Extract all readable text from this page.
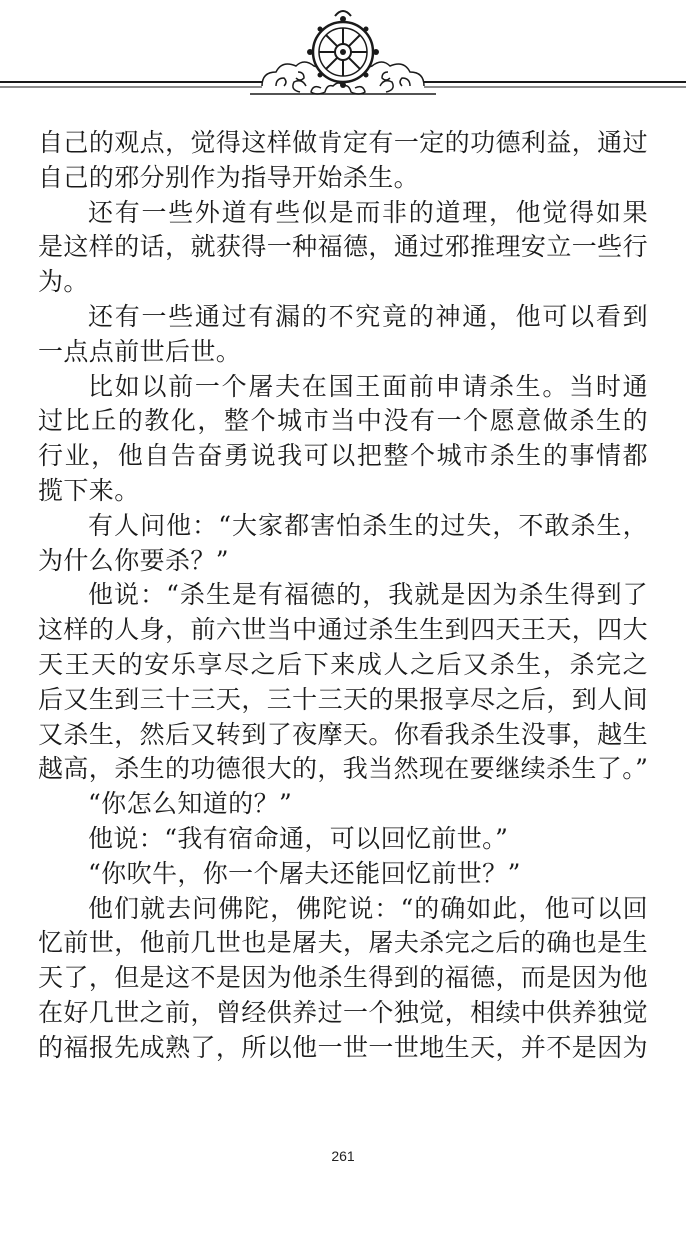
自己的观点，觉得这样做肯定有一定的功德利益，通过
自己的邪分别作为指导开始杀生。
还有一些外道有些似是而非的道理，他觉得如果
是这样的话，就获得一种福德，通过邪推理安立一些行
为。
还有一些通过有漏的不究竟的神通，他可以看到
一点点前世后世。
比如以前一个屠夫在国王面前申请杀生。当时通
过比丘的教化，整个城市当中没有一个愿意做杀生的
行业，他自告奋勇说我可以把整个城市杀生的事情都
揽下来。
有人问他：“大家都害怕杀生的过失，不敢杀生，
为什么你要杀？”
他说：“杀生是有福德的，我就是因为杀生得到了
这样的人身，前六世当中通过杀生生到四天王天，四大
天王天的安乐享尽之后下来成人之后又杀生，杀完之
后又生到三十三天，三十三天的果报享尽之后，到人间
又杀生，然后又转到了夜摩天。你看我杀生没事，越生
越高，杀生的功德很大的，我当然现在要继续杀生了。”
“你怎么知道的？”
他说：“我有宿命通，可以回忆前世。”
“你吹牛，你一个屠夫还能回忆前世？”
他们就去问佛陀，佛陀说：“的确如此，他可以回
忆前世，他前几世也是屠夫，屠夫杀完之后的确也是生
天了，但是这不是因为他杀生得到的福德，而是因为他
在好几世之前，曾经供养过一个独觉，相续中供养独觉
的福报先成熟了，所以他一世一世地生天，并不是因为
261
